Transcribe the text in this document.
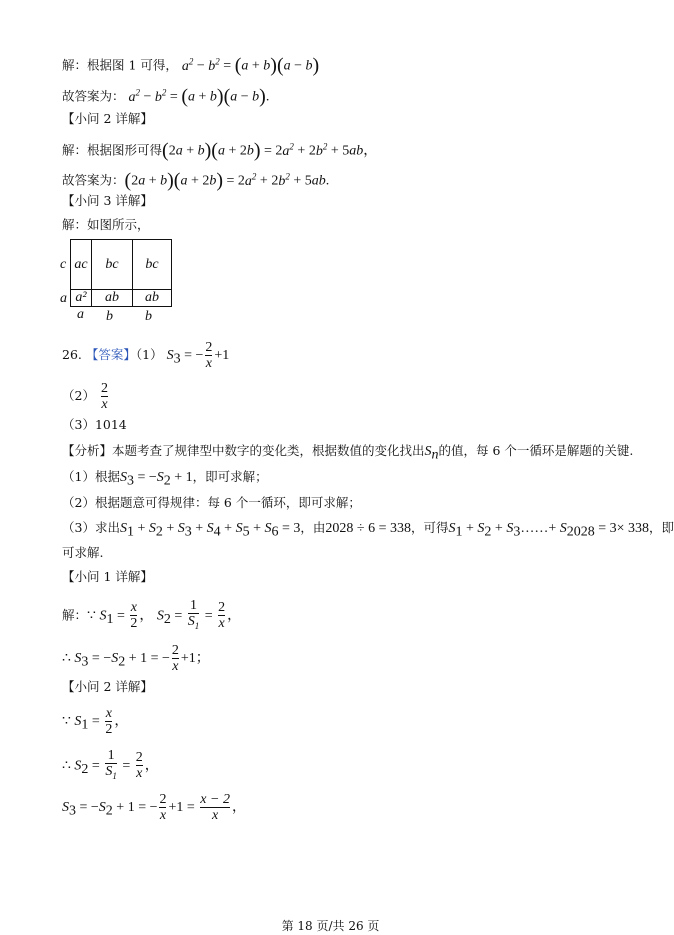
解：根据图 1 可得， $a^2 - b^2 = (a + b)(a - b)$
故答案为： $a^2 - b^2 = (a + b)(a - b)$.
【小问 2 详解】
解：根据图形可得$(2a + b)(a + 2b) = 2a^2 + 2b^2 + 5ab$，
故答案为：$(2a + b)(a + 2b) = 2a^2 + 2b^2 + 5ab$.
【小问 3 详解】
解：如图所示，
c
a
ac	bc	bc
a²	ab	ab
a b b
26. 【答案】（1） $S_3$ = − $\frac{2}{x} +1$
$(2) \frac{2}{x}$
（3）1014
【分析】本题考查了规律型中数字的变化类，根据数值的变化找出$S_n$的值，每 6 个一循环是解题的关键.
（1）根据$S_3 = -S_2 + 1$，即可求解；
（2）根据题意可得规律：每 6 个一循环，即可求解；
（3）求出$S_1 + S_2 + S_3 + S_4 + S_5 + S_6 = 3$，由2028 ÷ 6 = 338，可得$S_1 + S_2$ + $S_3\dots\dots+ S_{2028} = 3\times 338$，即
可求解.
【小问 1 详解】
解：∵ $S_1 = \frac{x}{2}$ ， $S_2 = \frac{1}{S_1} = \frac{2}{x}$ ，
∴ $S_3 = -S_2 + 1$ = − $\frac{2}{x} +1$；
【小问 2 详解】
∵ $S_1 = \frac{x}{2}$ ，
∴ $S_2 = \frac{1}{S_1} = \frac{2}{x}$ ，
$S_3 = -S_2 + 1$ = − $\frac{2}{x} +1 = \frac{x - 2}{x}$ ，
第 18 页/共 26 页
